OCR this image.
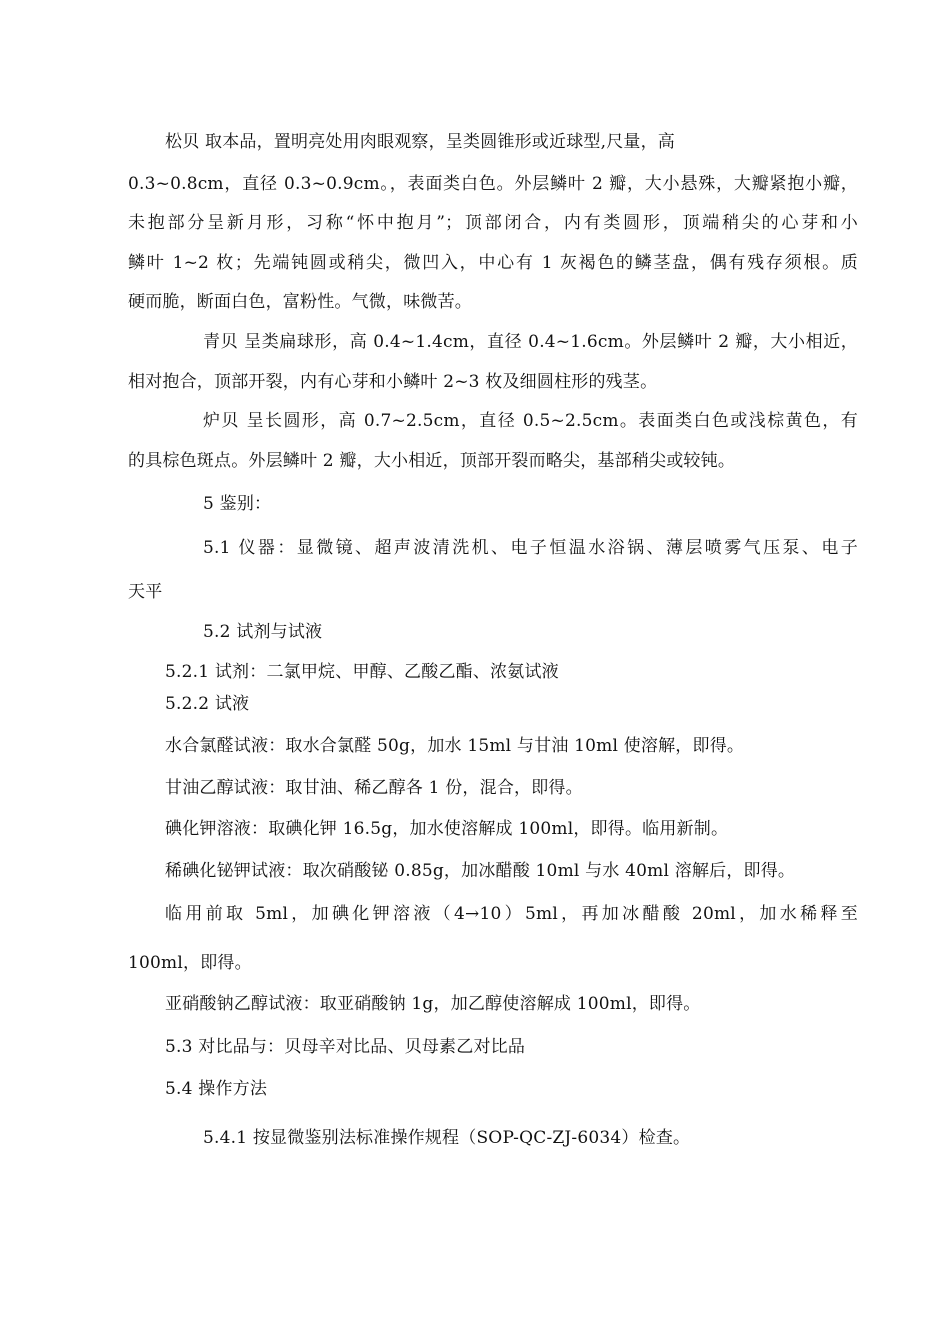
松贝 取本品，置明亮处用肉眼观察，呈类圆锥形或近球型,尺量，高
0.3~0.8cm，直径 0.3~0.9cm。，表面类白色。外层鳞叶 2 瓣，大小悬殊，大瓣紧抱小瓣，
未抱部分呈新月形，习称“怀中抱月”；顶部闭合，内有类圆形，顶端稍尖的心芽和小
鳞叶 1~2 枚；先端钝圆或稍尖，微凹入，中心有 1 灰褐色的鳞茎盘，偶有残存须根。质
硬而脆，断面白色，富粉性。气微，味微苦。
青贝 呈类扁球形，高 0.4~1.4cm，直径 0.4~1.6cm。外层鳞叶 2 瓣，大小相近，
相对抱合，顶部开裂，内有心芽和小鳞叶 2~3 枚及细圆柱形的残茎。
炉贝 呈长圆形，高 0.7~2.5cm，直径 0.5~2.5cm。表面类白色或浅棕黄色，有
的具棕色斑点。外层鳞叶 2 瓣，大小相近，顶部开裂而略尖，基部稍尖或较钝。
5 鉴别：
5.1 仪器：显微镜、超声波清洗机、电子恒温水浴锅、薄层喷雾气压泵、电子
天平
5.2 试剂与试液
5.2.1 试剂：二氯甲烷、甲醇、乙酸乙酯、浓氨试液
5.2.2 试液
水合氯醛试液：取水合氯醛 50g，加水 15ml 与甘油 10ml 使溶解，即得。
甘油乙醇试液：取甘油、稀乙醇各 1 份，混合，即得。
碘化钾溶液：取碘化钾 16.5g，加水使溶解成 100ml，即得。临用新制。
稀碘化铋钾试液：取次硝酸铋 0.85g，加冰醋酸 10ml 与水 40ml 溶解后，即得。
临用前取 5ml，加碘化钾溶液（4→10）5ml，再加冰醋酸 20ml，加水稀释至
100ml，即得。
亚硝酸钠乙醇试液：取亚硝酸钠 1g，加乙醇使溶解成 100ml，即得。
5.3 对比品与：贝母辛对比品、贝母素乙对比品
5.4 操作方法
5.4.1 按显微鉴别法标准操作规程（SOP-QC-ZJ-6034）检查。
